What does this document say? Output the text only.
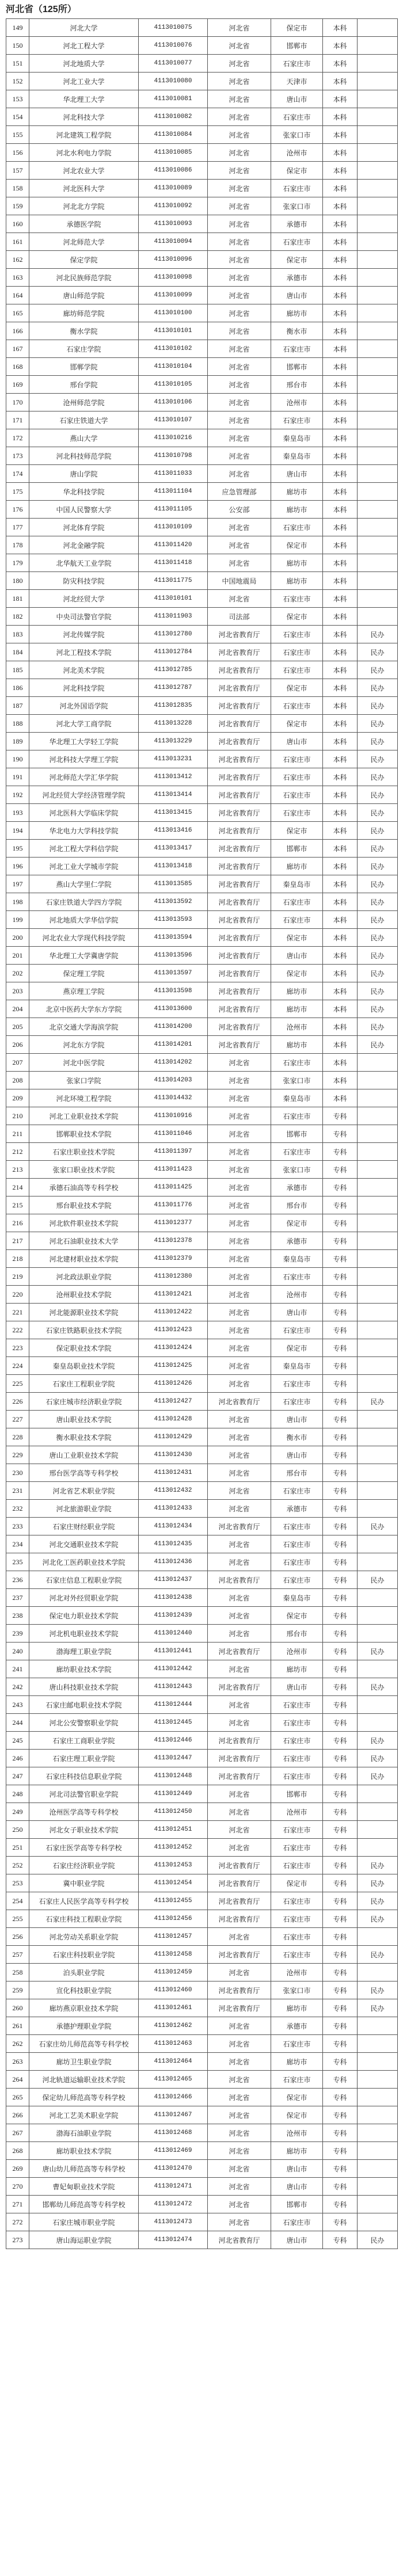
河北省（125所）
149	河北大学	4113010075	河北省	保定市	本科	
150	河北工程大学	4113010076	河北省	邯郸市	本科	
151	河北地质大学	4113010077	河北省	石家庄市	本科	
152	河北工业大学	4113010080	河北省	天津市	本科	
153	华北理工大学	4113010081	河北省	唐山市	本科	
154	河北科技大学	4113010082	河北省	石家庄市	本科	
155	河北建筑工程学院	4113010084	河北省	张家口市	本科	
156	河北水利电力学院	4113010085	河北省	沧州市	本科	
157	河北农业大学	4113010086	河北省	保定市	本科	
158	河北医科大学	4113010089	河北省	石家庄市	本科	
159	河北北方学院	4113010092	河北省	张家口市	本科	
160	承德医学院	4113010093	河北省	承德市	本科	
161	河北师范大学	4113010094	河北省	石家庄市	本科	
162	保定学院	4113010096	河北省	保定市	本科	
163	河北民族师范学院	4113010098	河北省	承德市	本科	
164	唐山师范学院	4113010099	河北省	唐山市	本科	
165	廊坊师范学院	4113010100	河北省	廊坊市	本科	
166	衡水学院	4113010101	河北省	衡水市	本科	
167	石家庄学院	4113010102	河北省	石家庄市	本科	
168	邯郸学院	4113010104	河北省	邯郸市	本科	
169	邢台学院	4113010105	河北省	邢台市	本科	
170	沧州师范学院	4113010106	河北省	沧州市	本科	
171	石家庄铁道大学	4113010107	河北省	石家庄市	本科	
172	燕山大学	4113010216	河北省	秦皇岛市	本科	
173	河北科技师范学院	4113010798	河北省	秦皇岛市	本科	
174	唐山学院	4113011033	河北省	唐山市	本科	
175	华北科技学院	4113011104	应急管理部	廊坊市	本科	
176	中国人民警察大学	4113011105	公安部	廊坊市	本科	
177	河北体育学院	4113010109	河北省	石家庄市	本科	
178	河北金融学院	4113011420	河北省	保定市	本科	
179	北华航天工业学院	4113011418	河北省	廊坊市	本科	
180	防灾科技学院	4113011775	中国地震局	廊坊市	本科	
181	河北经贸大学	4113010101	河北省	石家庄市	本科	
182	中央司法警官学院	4113011903	司法部	保定市	本科	
183	河北传媒学院	4113012780	河北省教育厅	石家庄市	本科	民办
184	河北工程技术学院	4113012784	河北省教育厅	石家庄市	本科	民办
185	河北美术学院	4113012785	河北省教育厅	石家庄市	本科	民办
186	河北科技学院	4113012787	河北省教育厅	保定市	本科	民办
187	河北外国语学院	4113012835	河北省教育厅	石家庄市	本科	民办
188	河北大学工商学院	4113013228	河北省教育厅	保定市	本科	民办
189	华北理工大学轻工学院	4113013229	河北省教育厅	唐山市	本科	民办
190	河北科技大学理工学院	4113013231	河北省教育厅	石家庄市	本科	民办
191	河北师范大学汇华学院	4113013412	河北省教育厅	石家庄市	本科	民办
192	河北经贸大学经济管理学院	4113013414	河北省教育厅	石家庄市	本科	民办
193	河北医科大学临床学院	4113013415	河北省教育厅	石家庄市	本科	民办
194	华北电力大学科技学院	4113013416	河北省教育厅	保定市	本科	民办
195	河北工程大学科信学院	4113013417	河北省教育厅	邯郸市	本科	民办
196	河北工业大学城市学院	4113013418	河北省教育厅	廊坊市	本科	民办
197	燕山大学里仁学院	4113013585	河北省教育厅	秦皇岛市	本科	民办
198	石家庄铁道大学四方学院	4113013592	河北省教育厅	石家庄市	本科	民办
199	河北地质大学华信学院	4113013593	河北省教育厅	石家庄市	本科	民办
200	河北农业大学现代科技学院	4113013594	河北省教育厅	保定市	本科	民办
201	华北理工大学冀唐学院	4113013596	河北省教育厅	唐山市	本科	民办
202	保定理工学院	4113013597	河北省教育厅	保定市	本科	民办
203	燕京理工学院	4113013598	河北省教育厅	廊坊市	本科	民办
204	北京中医药大学东方学院	4113013600	河北省教育厅	廊坊市	本科	民办
205	北京交通大学海滨学院	4113014200	河北省教育厅	沧州市	本科	民办
206	河北东方学院	4113014201	河北省教育厅	廊坊市	本科	民办
207	河北中医学院	4113014202	河北省	石家庄市	本科	
208	张家口学院	4113014203	河北省	张家口市	本科	
209	河北环境工程学院	4113014432	河北省	秦皇岛市	本科	
210	河北工业职业技术学院	4113010916	河北省	石家庄市	专科	
211	邯郸职业技术学院	4113011046	河北省	邯郸市	专科	
212	石家庄职业技术学院	4113011397	河北省	石家庄市	专科	
213	张家口职业技术学院	4113011423	河北省	张家口市	专科	
214	承德石油高等专科学校	4113011425	河北省	承德市	专科	
215	邢台职业技术学院	4113011776	河北省	邢台市	专科	
216	河北软件职业技术学院	4113012377	河北省	保定市	专科	
217	河北石油职业技术大学	4113012378	河北省	承德市	专科	
218	河北建材职业技术学院	4113012379	河北省	秦皇岛市	专科	
219	河北政法职业学院	4113012380	河北省	石家庄市	专科	
220	沧州职业技术学院	4113012421	河北省	沧州市	专科	
221	河北能源职业技术学院	4113012422	河北省	唐山市	专科	
222	石家庄铁路职业技术学院	4113012423	河北省	石家庄市	专科	
223	保定职业技术学院	4113012424	河北省	保定市	专科	
224	秦皇岛职业技术学院	4113012425	河北省	秦皇岛市	专科	
225	石家庄工程职业学院	4113012426	河北省	石家庄市	专科	
226	石家庄城市经济职业学院	4113012427	河北省教育厅	石家庄市	专科	民办
227	唐山职业技术学院	4113012428	河北省	唐山市	专科	
228	衡水职业技术学院	4113012429	河北省	衡水市	专科	
229	唐山工业职业技术学院	4113012430	河北省	唐山市	专科	
230	邢台医学高等专科学校	4113012431	河北省	邢台市	专科	
231	河北省艺术职业学院	4113012432	河北省	石家庄市	专科	
232	河北旅游职业学院	4113012433	河北省	承德市	专科	
233	石家庄财经职业学院	4113012434	河北省教育厅	石家庄市	专科	民办
234	河北交通职业技术学院	4113012435	河北省	石家庄市	专科	
235	河北化工医药职业技术学院	4113012436	河北省	石家庄市	专科	
236	石家庄信息工程职业学院	4113012437	河北省教育厅	石家庄市	专科	民办
237	河北对外经贸职业学院	4113012438	河北省	秦皇岛市	专科	
238	保定电力职业技术学院	4113012439	河北省	保定市	专科	
239	河北机电职业技术学院	4113012440	河北省	邢台市	专科	
240	渤海理工职业学院	4113012441	河北省教育厅	沧州市	专科	民办
241	廊坊职业技术学院	4113012442	河北省	廊坊市	专科	
242	唐山科技职业技术学院	4113012443	河北省教育厅	唐山市	专科	民办
243	石家庄邮电职业技术学院	4113012444	河北省	石家庄市	专科	
244	河北公安警察职业学院	4113012445	河北省	石家庄市	专科	
245	石家庄工商职业学院	4113012446	河北省教育厅	石家庄市	专科	民办
246	石家庄理工职业学院	4113012447	河北省教育厅	石家庄市	专科	民办
247	石家庄科技信息职业学院	4113012448	河北省教育厅	石家庄市	专科	民办
248	河北司法警官职业学院	4113012449	河北省	邯郸市	专科	
249	沧州医学高等专科学校	4113012450	河北省	沧州市	专科	
250	河北女子职业技术学院	4113012451	河北省	石家庄市	专科	
251	石家庄医学高等专科学校	4113012452	河北省	石家庄市	专科	
252	石家庄经济职业学院	4113012453	河北省教育厅	石家庄市	专科	民办
253	冀中职业学院	4113012454	河北省教育厅	保定市	专科	民办
254	石家庄人民医学高等专科学校	4113012455	河北省教育厅	石家庄市	专科	民办
255	石家庄科技工程职业学院	4113012456	河北省教育厅	石家庄市	专科	民办
256	河北劳动关系职业学院	4113012457	河北省	石家庄市	专科	
257	石家庄科技职业学院	4113012458	河北省教育厅	石家庄市	专科	民办
258	泊头职业学院	4113012459	河北省	沧州市	专科	
259	宣化科技职业学院	4113012460	河北省教育厅	张家口市	专科	民办
260	廊坊燕京职业技术学院	4113012461	河北省教育厅	廊坊市	专科	民办
261	承德护理职业学院	4113012462	河北省	承德市	专科	
262	石家庄幼儿师范高等专科学校	4113012463	河北省	石家庄市	专科	
263	廊坊卫生职业学院	4113012464	河北省	廊坊市	专科	
264	河北轨道运输职业技术学院	4113012465	河北省	石家庄市	专科	
265	保定幼儿师范高等专科学校	4113012466	河北省	保定市	专科	
266	河北工艺美术职业学院	4113012467	河北省	保定市	专科	
267	渤海石油职业学院	4113012468	河北省	沧州市	专科	
268	廊坊职业技术学院	4113012469	河北省	廊坊市	专科	
269	唐山幼儿师范高等专科学校	4113012470	河北省	唐山市	专科	
270	曹妃甸职业技术学院	4113012471	河北省	唐山市	专科	
271	邯郸幼儿师范高等专科学校	4113012472	河北省	邯郸市	专科	
272	石家庄城市职业学院	4113012473	河北省	石家庄市	专科	
273	唐山海运职业学院	4113012474	河北省教育厅	唐山市	专科	民办
